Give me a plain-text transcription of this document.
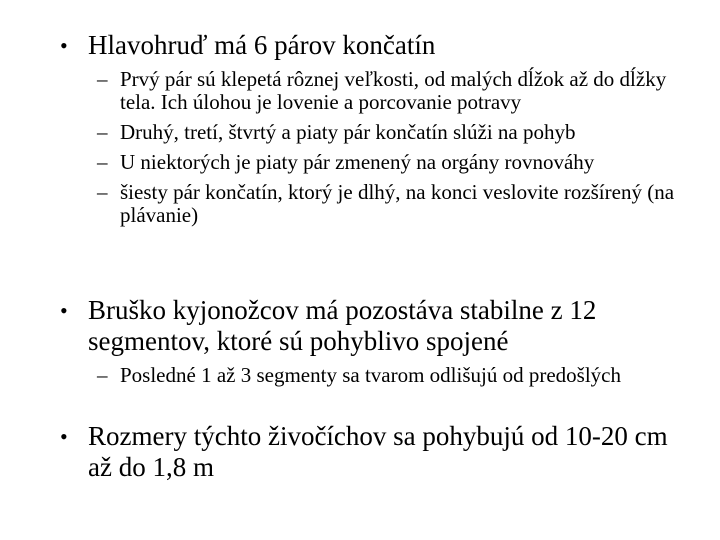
• Hlavohruď má 6 párov končatín
– Prvý pár sú klepetá rôznej veľkosti, od malých dĺžok až do dĺžky tela. Ich úlohou je lovenie a porcovanie potravy
– Druhý, tretí, štvrtý a piaty pár končatín slúži na pohyb
– U niektorých je piaty pár zmenený na orgány rovnováhy
– šiesty pár končatín, ktorý je dlhý, na konci veslovite rozšírený (na plávanie)
• Bruško kyjonožcov má pozostáva stabilne z 12 segmentov, ktoré sú pohyblivo spojené
– Posledné 1 až 3 segmenty sa tvarom odlišujú od predošlých
• Rozmery týchto živočíchov sa pohybujú od 10-20 cm až do 1,8 m
